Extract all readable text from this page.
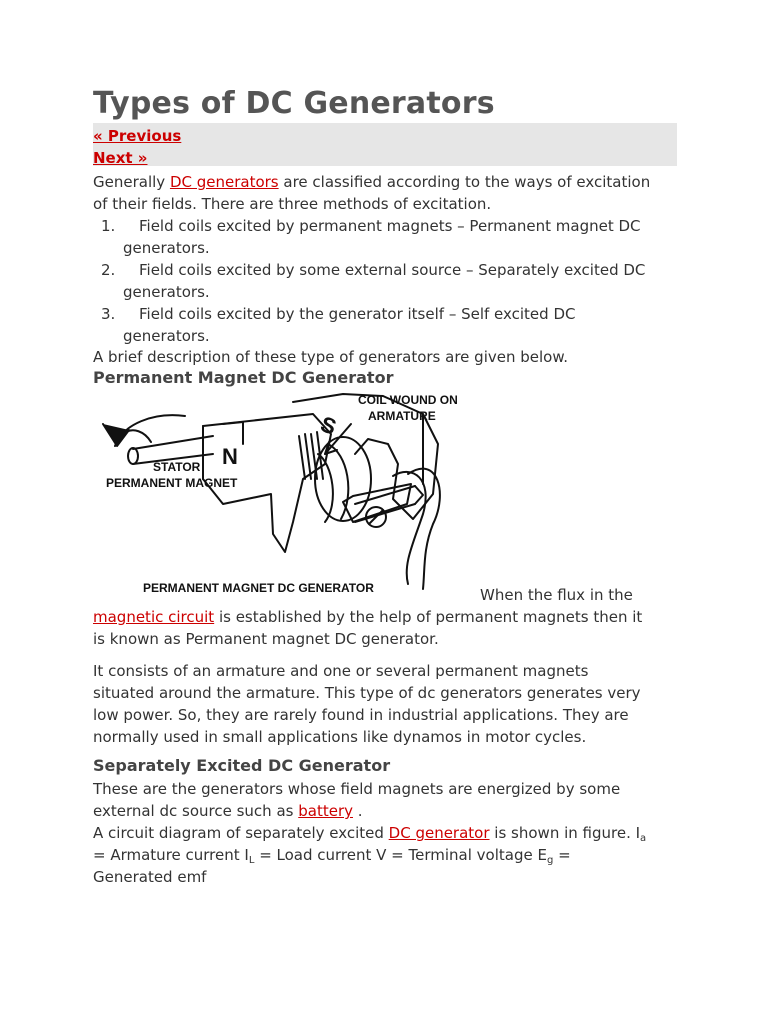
Types of DC Generators
« Previous
Next »
Generally DC generators are classified according to the ways of excitation
of their fields. There are three methods of excitation.
1. Field coils excited by permanent magnets – Permanent magnet DC
generators.
2. Field coils excited by some external source – Separately excited DC
generators.
3. Field coils excited by the generator itself – Self excited DC
generators.
A brief description of these type of generators are given below.
Permanent Magnet DC Generator
N
S
COIL WOUND ON
ARMATURE
STATOR
PERMANENT MAGNET
PERMANENT MAGNET DC GENERATOR	When the flux in the
magnetic circuit is established by the help of permanent magnets then it
is known as Permanent magnet DC generator.
It consists of an armature and one or several permanent magnets
situated around the armature. This type of dc generators generates very
low power. So, they are rarely found in industrial applications. They are
normally used in small applications like dynamos in motor cycles.
Separately Excited DC Generator
These are the generators whose field magnets are energized by some
external dc source such as battery .
A circuit diagram of separately excited DC generator is shown in figure. $I_a$
= Armature current $I_L$ = Load current V = Terminal voltage $E_g$ =
Generated emf
